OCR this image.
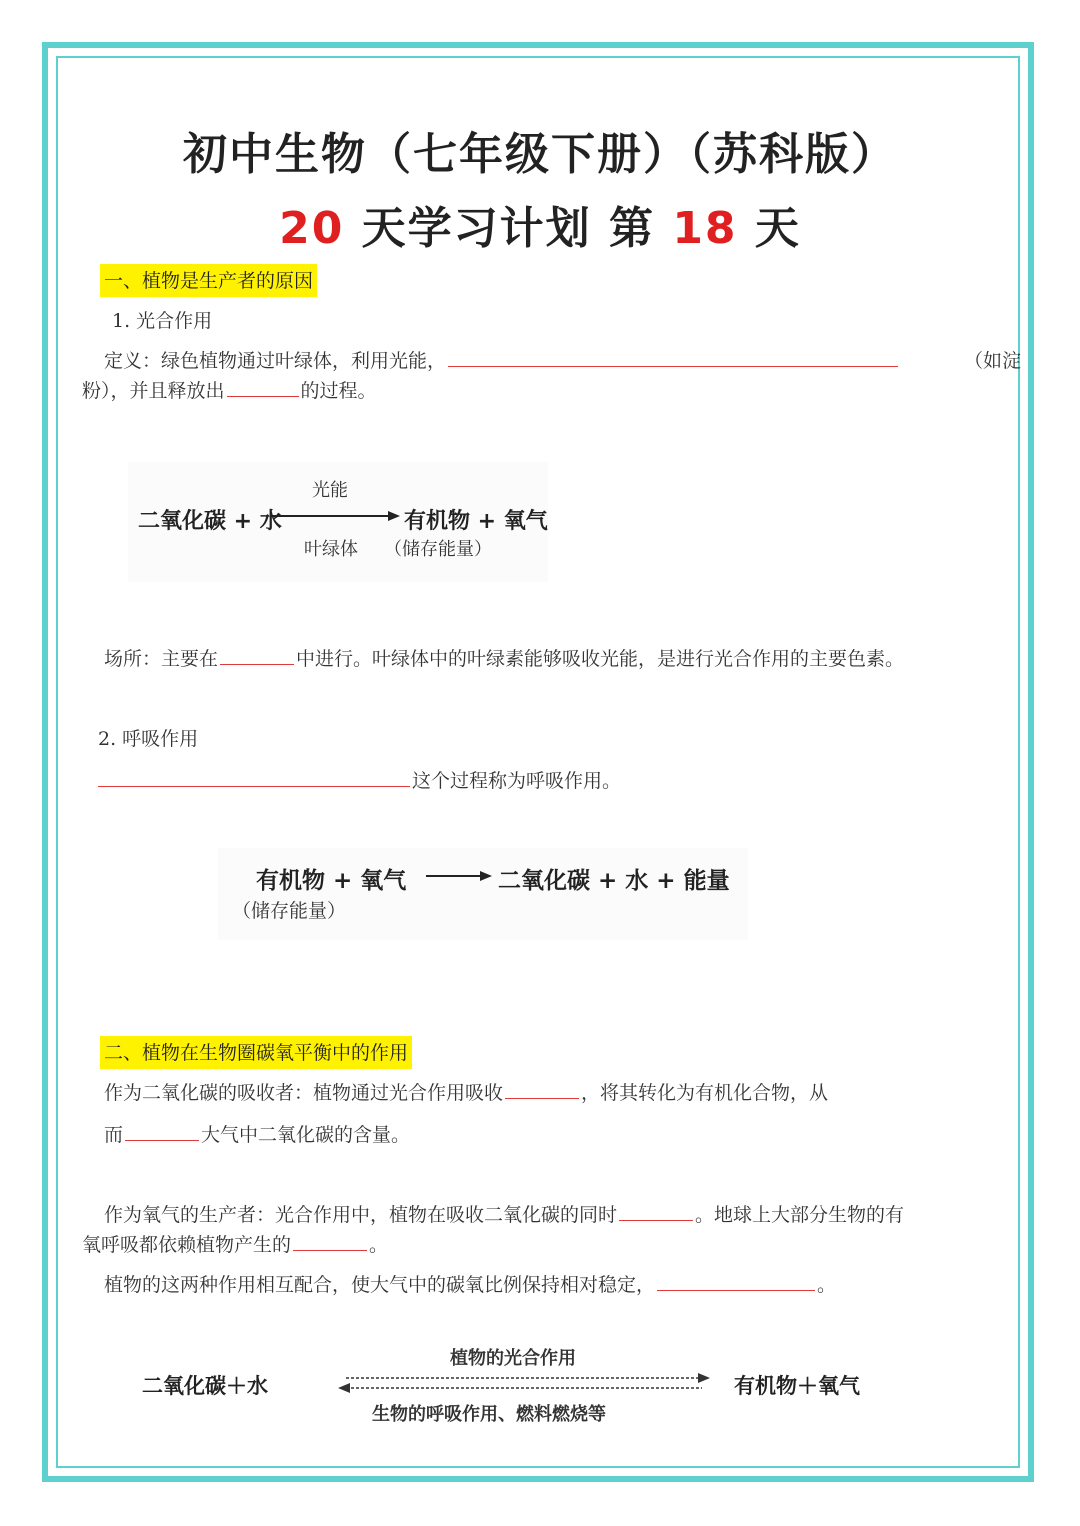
初中生物（七年级下册）（苏科版）
20 天学习计划 第 18 天
一、植物是生产者的原因
1. 光合作用
定义：绿色植物通过叶绿体，利用光能，	（如淀
粉），并且释放出	的过程。
光能
二氧化碳 + 水	有机物 + 氧气
叶绿体 （储存能量）
场所：主要在	中进行。叶绿体中的叶绿素能够吸收光能，是进行光合作用的主要色素。
2. 呼吸作用
这个过程称为呼吸作用。
有机物 + 氧气	二氧化碳 + 水 + 能量
（储存能量）
二、植物在生物圈碳氧平衡中的作用
作为二氧化碳的吸收者：植物通过光合作用吸收	，将其转化为有机化合物，从
而	大气中二氧化碳的含量。
作为氧气的生产者：光合作用中，植物在吸收二氧化碳的同时	。地球上大部分生物的有
氧呼吸都依赖植物产生的	。
植物的这两种作用相互配合，使大气中的碳氧比例保持相对稳定，	。
植物的光合作用
二氧化碳＋水	有机物＋氧气
生物的呼吸作用、燃料燃烧等
